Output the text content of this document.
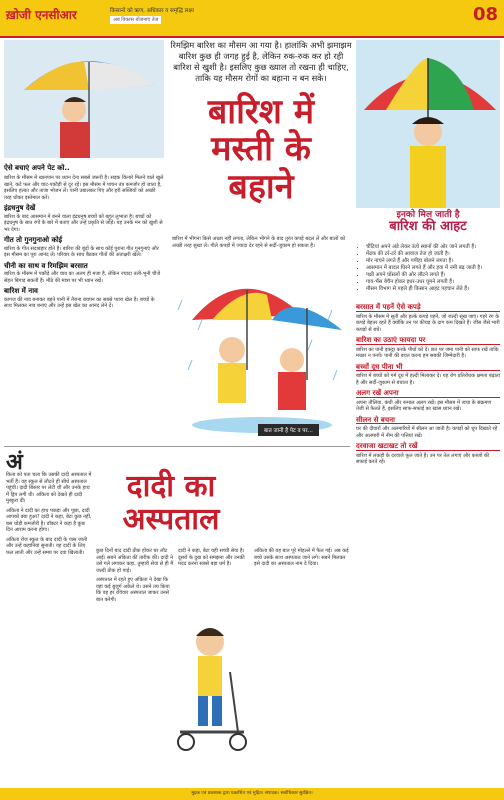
ख़ोजी एनसीआर	किसानों को ऋण, अधिकार व समृद्धि लक्ष्य
अब विकास योजनाएं तेज	08
रिमझिम बारिश का मौसम आ गया है। हालांकि अभी झमाझम बारिश कुछ ही जगह हुई है, लेकिन रुक-रुक कर हो रही बारिश से खुशी है। इसलिए कुछ ख्याल तो रखना ही चाहिए, ताकि यह मौसम रोगों का बहाना न बन सके।
ऐसे बचाएं अपने पेट को..

बारिश के मौसम में खानपान पर ध्यान देना सबसे जरूरी है। सड़क किनारे मिलने वाले खुले खाने, कटे फल और चाट-पकौड़ी से दूर रहें। इस मौसम में पाचन तंत्र कमजोर हो जाता है, इसलिए हल्का और ताजा भोजन लें। पानी उबालकर पिएं और हरी सब्जियों को अच्छी तरह धोकर इस्तेमाल करें।

इंद्रधनुष देखें

बारिश के बाद आसमान में बनने वाला इंद्रधनुष बच्चों को बहुत लुभाता है। बच्चों को इंद्रधनुष के सात रंगों के बारे में बताएं और उन्हें प्रकृति से जोड़ें। यह उनके मन को खुशी से भर देगा।

गीत तो गुनगुनाओ कोई

बारिश के गीत सदाबहार होते हैं। बारिश की बूंदों के साथ कोई पुराना गीत गुनगुनाएं और इस मौसम का पूरा आनंद लें। परिवार के साथ बैठकर गीतों की अंताक्षरी खेलें।

चीनी का साथ व रिमझिम बरसात

बारिश के मौसम में पकौड़े और चाय का अलग ही मजा है, लेकिन ज्यादा तली-भुनी चीजें सेहत बिगाड़ सकती हैं। मीठे की मात्रा पर भी ध्यान रखें।

बारिश में नाव

कागज की नाव बनाकर बहते पानी में तैराना बचपन का सबसे प्यारा खेल है। बच्चों के साथ मिलकर नाव बनाएं और उन्हें इस खेल का आनंद लेने दें।

बारिश में
मस्ती के
बहाने
बारिश में भीगना किसे अच्छा नहीं लगता, लेकिन भीगने के बाद तुरंत कपड़े बदल लें और बालों को अच्छी तरह सुखा लें। गीले कपड़ों में ज्यादा देर रहने से सर्दी-जुकाम हो सकता है।
बात जानी है पेट व पर...
इनको मिल जाती है
बारिश की आहट
• चींटियां अपने अंडे लेकर ऊंचे स्थानों की ओर जाने लगती हैं।
• मेंढक की टर्र-टर्र की आवाज तेज हो जाती है।
• मोर नाचने लगते हैं और पपीहा बोलने लगता है।
• आसमान में बादल घिरने लगते हैं और हवा में नमी बढ़ जाती है।
• पक्षी अपने घोंसलों की ओर लौटने लगते हैं।
• गाय-भैंस बेचैन होकर इधर-उधर घूमने लगती हैं।
• मौसम विभाग से पहले ही किसान आहट पहचान लेते हैं।
बरसात में पहनें ऐसे कपड़े

बारिश के मौसम में सूती और हल्के कपड़े पहनें, जो जल्दी सूख जाएं। गहरे रंग के कपड़े बेहतर रहते हैं क्योंकि उन पर कीचड़ के दाग कम दिखते हैं। जींस जैसे भारी कपड़ों से बचें।

बारिश का उठाएं फायदा पर

बारिश का पानी इकट्ठा करके पौधों को दें। छत पर जमा पानी को साफ रखें ताकि मच्छर न पनपें। पानी की बचत करना हम सबकी जिम्मेदारी है।

बच्चों दूध पीना भी

बारिश में बच्चों को गर्म दूध में हल्दी मिलाकर दें। यह रोग प्रतिरोधक क्षमता बढ़ाता है और सर्दी-जुकाम से बचाता है।

अलग रखें अपना

अपना तौलिया, कंघी और रूमाल अलग रखें। इस मौसम में त्वचा के संक्रमण तेजी से फैलते हैं, इसलिए साफ-सफाई का खास ध्यान रखें।

सीलन से बचना

घर की दीवारों और अलमारियों में सीलन आ जाती है। कपड़ों को धूप दिखाते रहें और अलमारी में नीम की पत्तियां रखें।

दरवाजा खटाखट तो रखें

बारिश में लकड़ी के दरवाजे फूल जाते हैं। उन पर तेल लगाएं और कब्जों की सफाई करते रहें।

अं

किता को पता चला कि उसकी दादी अस्पताल में भर्ती हैं। वह स्कूल से लौटते ही सीधे अस्पताल पहुंची। दादी बिस्तर पर लेटी थीं और उनके हाथ में ड्रिप लगी थी। अंकिता को देखते ही दादी मुस्कुरा दीं।

अंकिता ने दादी का हाथ पकड़ा और पूछा, दादी आपको क्या हुआ? दादी ने कहा, बेटा कुछ नहीं, बस थोड़ी कमजोरी है। डॉक्टर ने कहा है कुछ दिन आराम करना होगा।

अंकिता रोज स्कूल के बाद दादी के पास जाती और उन्हें कहानियां सुनाती। वह दादी के लिए फल लाती और उन्हें समय पर दवा खिलाती।

दादी का
अस्पताल

कुछ दिनों बाद दादी ठीक होकर घर लौट आईं। सबने अंकिता की तारीफ की। दादी ने उसे गले लगाकर कहा, तुम्हारी सेवा से ही मैं जल्दी ठीक हो पाई।

अस्पताल में रहते हुए अंकिता ने देखा कि वहां कई बुजुर्ग अकेले थे। उसने तय किया कि वह हर रविवार अस्पताल जाकर उनसे बात करेगी।

दादी ने कहा, बेटा यही सच्ची सेवा है। दूसरों के दुख को समझना और उनकी मदद करना सबसे बड़ा धर्म है।

अंकिता की यह बात पूरे मोहल्ले में फैल गई। अब कई बच्चे उसके साथ अस्पताल जाने लगे। सबने मिलकर इसे दादी का अस्पताल नाम दे दिया।

मुद्रक एवं प्रकाशक द्वारा प्रकाशित एवं मुद्रित। संपादक। सर्वाधिकार सुरक्षित।
